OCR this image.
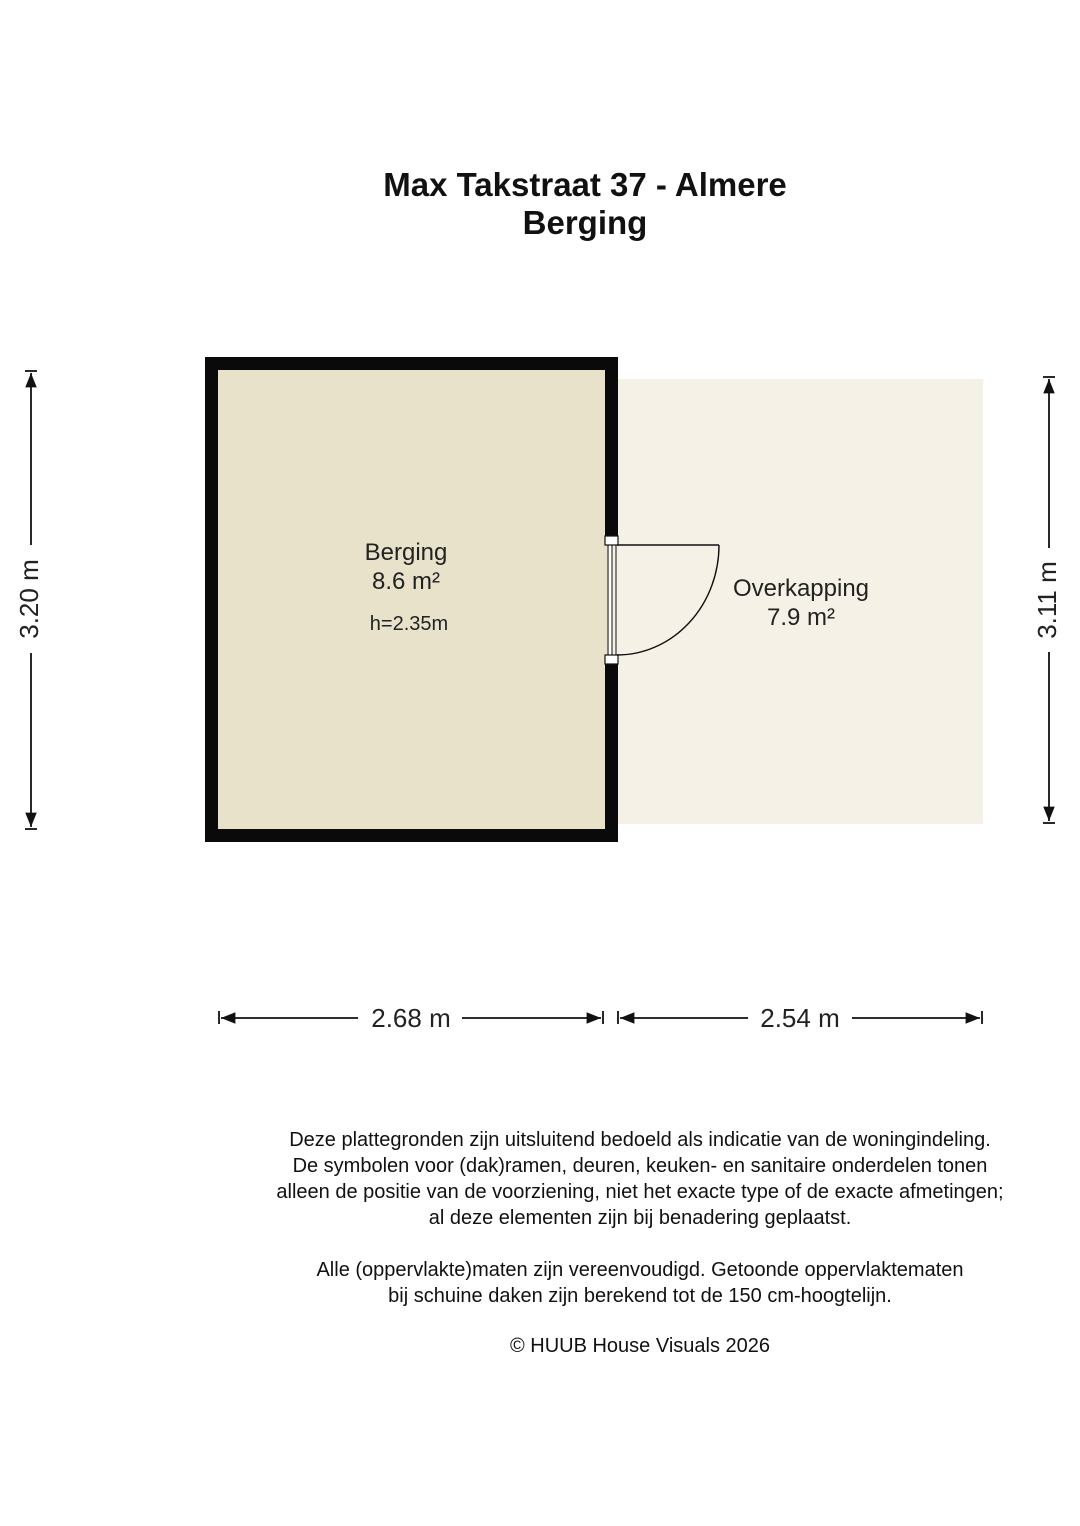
Max Takstraat 37 - Almere
Berging
Berging
8.6 m²
h=2.35m
Overkapping
7.9 m²
3.20 m	3.11 m
2.68 m	2.54 m

Deze plattegronden zijn uitsluitend bedoeld als indicatie van de woningindeling.

De symbolen voor (dak)ramen, deuren, keuken- en sanitaire onderdelen tonen

alleen de positie van de voorziening, niet het exacte type of de exacte afmetingen;

al deze elementen zijn bij benadering geplaatst.

Alle (oppervlakte)maten zijn vereenvoudigd. Getoonde oppervlaktematen

bij schuine daken zijn berekend tot de 150 cm-hoogtelijn.

© HUUB House Visuals 2026
